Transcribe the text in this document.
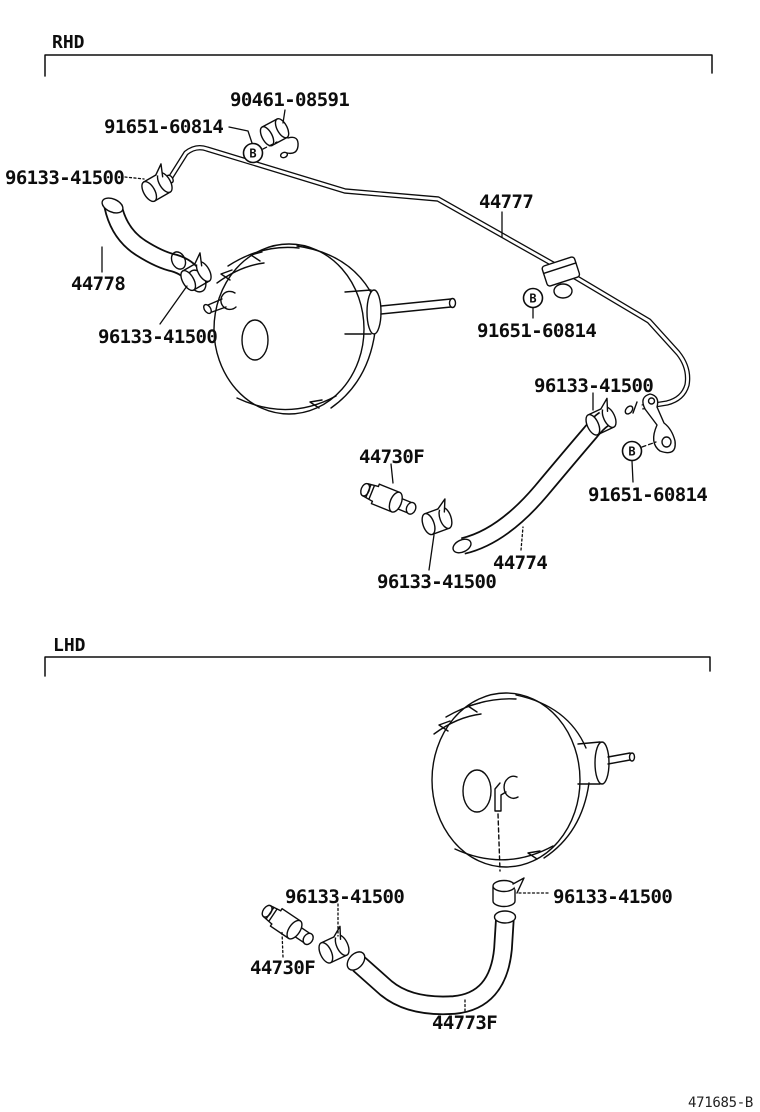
B
B
B
RHD
LHD
90461-08591
91651-60814
96133-41500
44777
44778
96133-41500	91651-60814
96133-41500
44730F
91651-60814
44774
96133-41500
96133-41500	96133-41500
44730F
44773F
471685-B
